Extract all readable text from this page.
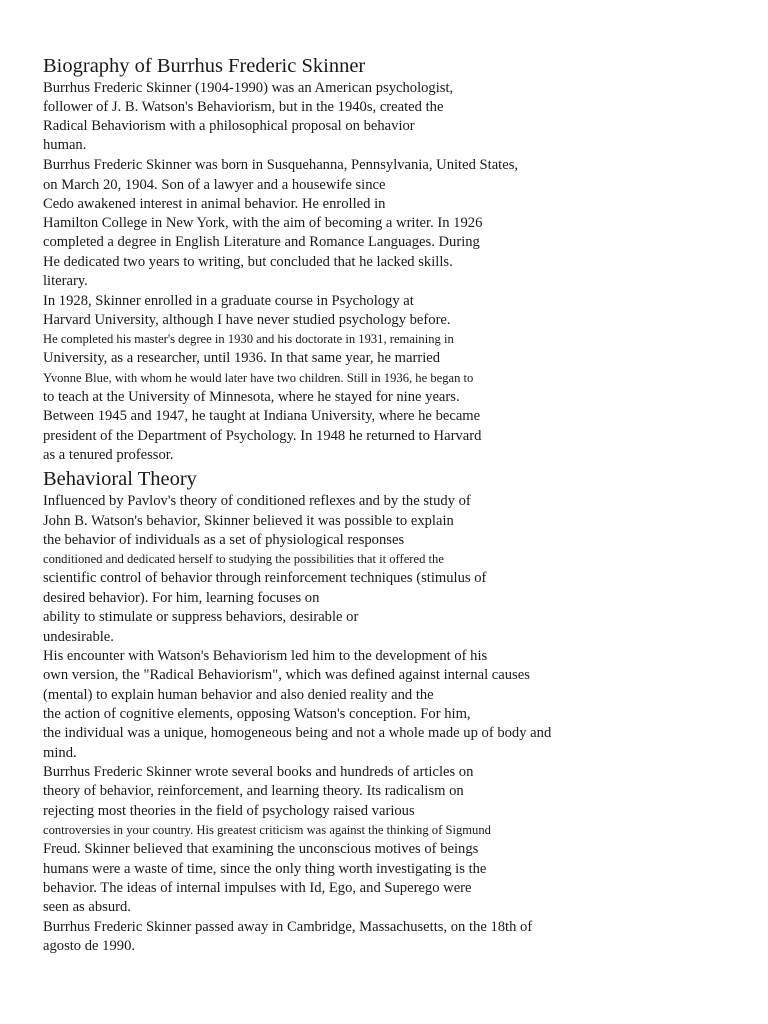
Biography of Burrhus Frederic Skinner
Burrhus Frederic Skinner (1904-1990) was an American psychologist,
follower of J. B. Watson's Behaviorism, but in the 1940s, created the
Radical Behaviorism with a philosophical proposal on behavior
human.
Burrhus Frederic Skinner was born in Susquehanna, Pennsylvania, United States,
on March 20, 1904. Son of a lawyer and a housewife since
Cedo awakened interest in animal behavior. He enrolled in
Hamilton College in New York, with the aim of becoming a writer. In 1926
completed a degree in English Literature and Romance Languages. During
He dedicated two years to writing, but concluded that he lacked skills.
literary.
In 1928, Skinner enrolled in a graduate course in Psychology at
Harvard University, although I have never studied psychology before.
He completed his master's degree in 1930 and his doctorate in 1931, remaining in
University, as a researcher, until 1936. In that same year, he married
Yvonne Blue, with whom he would later have two children. Still in 1936, he began to
to teach at the University of Minnesota, where he stayed for nine years.
Between 1945 and 1947, he taught at Indiana University, where he became
president of the Department of Psychology. In 1948 he returned to Harvard
as a tenured professor.
Behavioral Theory
Influenced by Pavlov's theory of conditioned reflexes and by the study of
John B. Watson's behavior, Skinner believed it was possible to explain
the behavior of individuals as a set of physiological responses
conditioned and dedicated herself to studying the possibilities that it offered the
scientific control of behavior through reinforcement techniques (stimulus of
desired behavior). For him, learning focuses on
ability to stimulate or suppress behaviors, desirable or
undesirable.
His encounter with Watson's Behaviorism led him to the development of his
own version, the "Radical Behaviorism", which was defined against internal causes
(mental) to explain human behavior and also denied reality and the
the action of cognitive elements, opposing Watson's conception. For him,
the individual was a unique, homogeneous being and not a whole made up of body and
mind.
Burrhus Frederic Skinner wrote several books and hundreds of articles on
theory of behavior, reinforcement, and learning theory. Its radicalism on
rejecting most theories in the field of psychology raised various
controversies in your country. His greatest criticism was against the thinking of Sigmund
Freud. Skinner believed that examining the unconscious motives of beings
humans were a waste of time, since the only thing worth investigating is the
behavior. The ideas of internal impulses with Id, Ego, and Superego were
seen as absurd.
Burrhus Frederic Skinner passed away in Cambridge, Massachusetts, on the 18th of
agosto de 1990.
